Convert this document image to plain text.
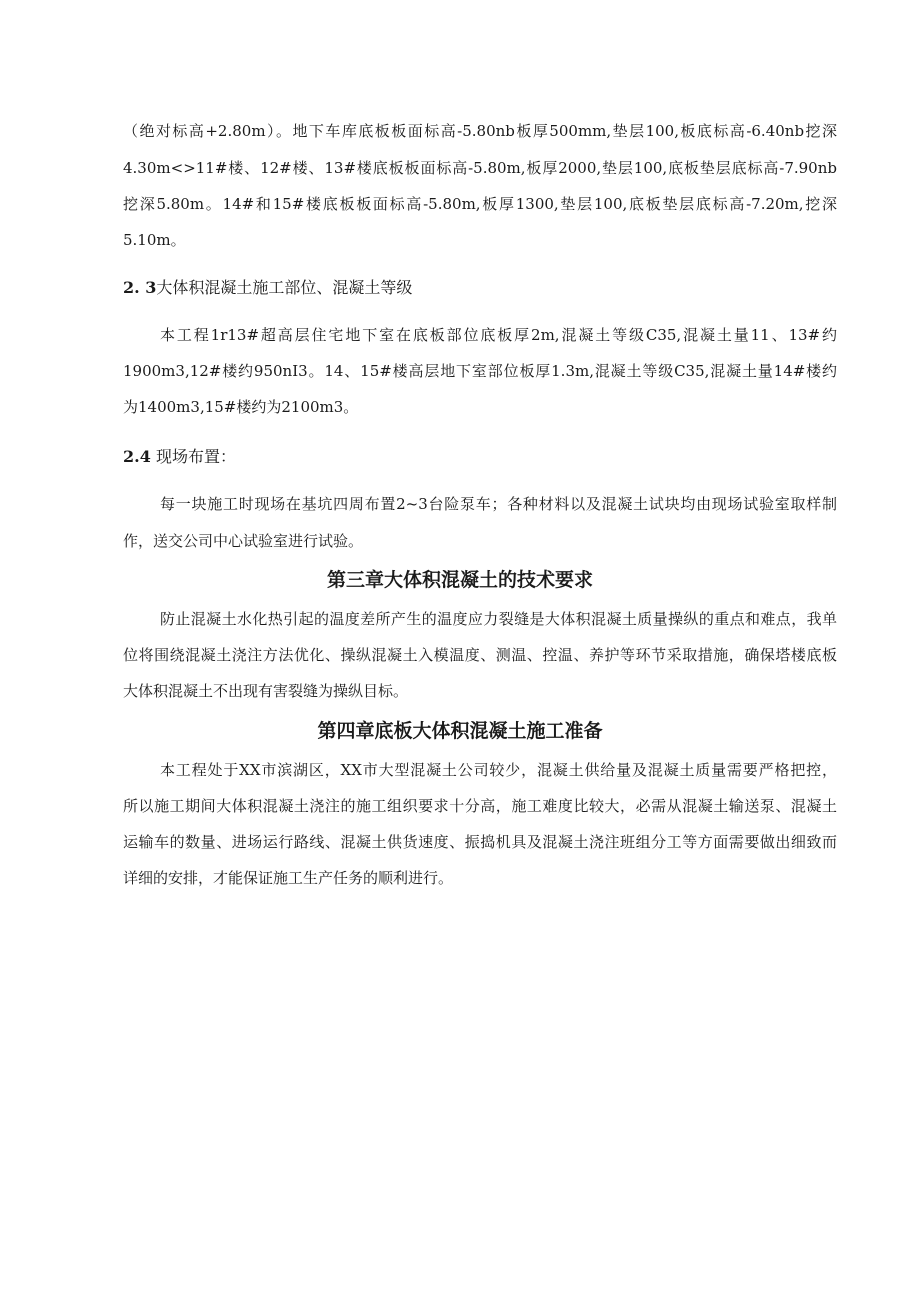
（绝对标高+2.80m）。地下车库底板板面标高-5.80nb板厚500mm,垫层100,板底标高-6.40nb挖深
4.30m<>11#楼、12#楼、13#楼底板板面标高-5.80m,板厚2000,垫层100,底板垫层底标高-7.90nb
挖深5.80m。14#和15#楼底板板面标高-5.80m,板厚1300,垫层100,底板垫层底标高-7.20m,挖深
5.10m。
2. 3大体积混凝土施工部位、混凝土等级
本工程1r13#超高层住宅地下室在底板部位底板厚2m,混凝土等级C35,混凝土量11、13#约
1900m3,12#楼约950nI3。14、15#楼高层地下室部位板厚1.3m,混凝土等级C35,混凝土量14#楼约
为1400m3,15#楼约为2100m3。
2.4 现场布置：
每一块施工时现场在基坑四周布置2~3台险泵车；各种材料以及混凝土试块均由现场试验室取样制
作，送交公司中心试验室进行试验。
第三章大体积混凝土的技术要求
防止混凝土水化热引起的温度差所产生的温度应力裂缝是大体积混凝土质量操纵的重点和难点，我单
位将围绕混凝土浇注方法优化、操纵混凝土入模温度、测温、控温、养护等环节采取措施，确保塔楼底板
大体积混凝土不出现有害裂缝为操纵目标。
第四章底板大体积混凝土施工准备
本工程处于XX市滨湖区，XX市大型混凝土公司较少，混凝土供给量及混凝土质量需要严格把控，
所以施工期间大体积混凝土浇注的施工组织要求十分高，施工难度比较大，必需从混凝土输送泵、混凝土
运输车的数量、进场运行路线、混凝土供货速度、振捣机具及混凝土浇注班组分工等方面需要做出细致而
详细的安排，才能保证施工生产任务的顺利进行。
